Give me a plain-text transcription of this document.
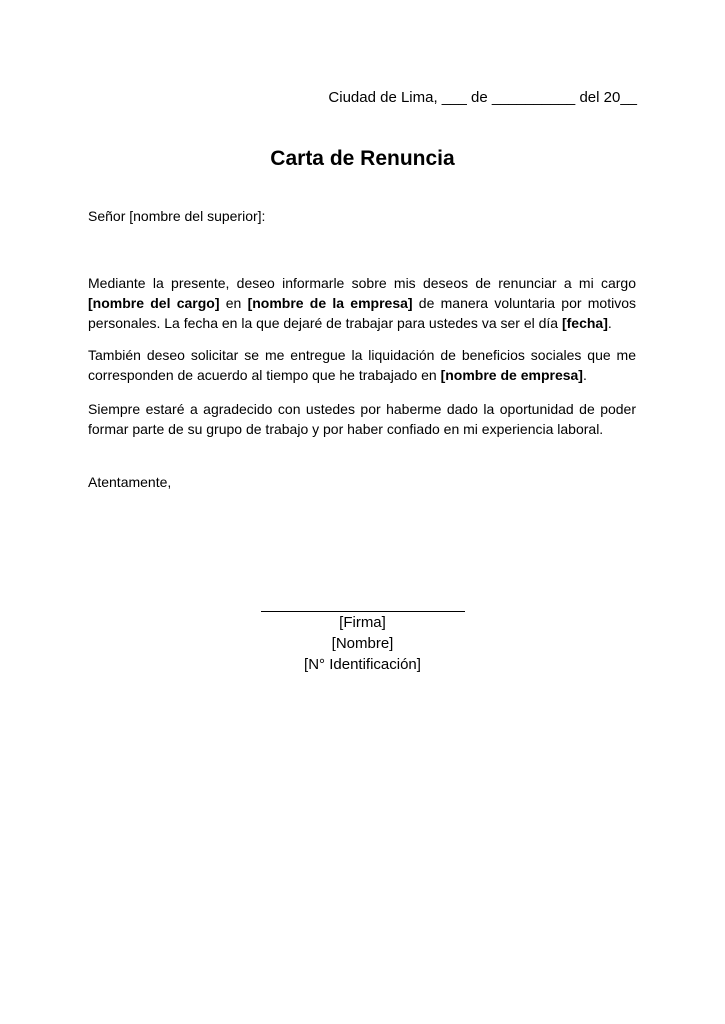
Ciudad de Lima, ___ de __________ del 20__
Carta de Renuncia
Señor [nombre del superior]:

Mediante la presente, deseo informarle sobre mis deseos de renunciar a mi cargo [nombre del cargo] en [nombre de la empresa] de manera voluntaria por motivos personales. La fecha en la que dejaré de trabajar para ustedes va ser el día [fecha].

También deseo solicitar se me entregue la liquidación de beneficios sociales que me corresponden de acuerdo al tiempo que he trabajado en [nombre de empresa].

Siempre estaré a agradecido con ustedes por haberme dado la oportunidad de poder formar parte de su grupo de trabajo y por haber confiado en mi experiencia laboral.

Atentamente,
[Firma]
[Nombre]
[N° Identificación]
